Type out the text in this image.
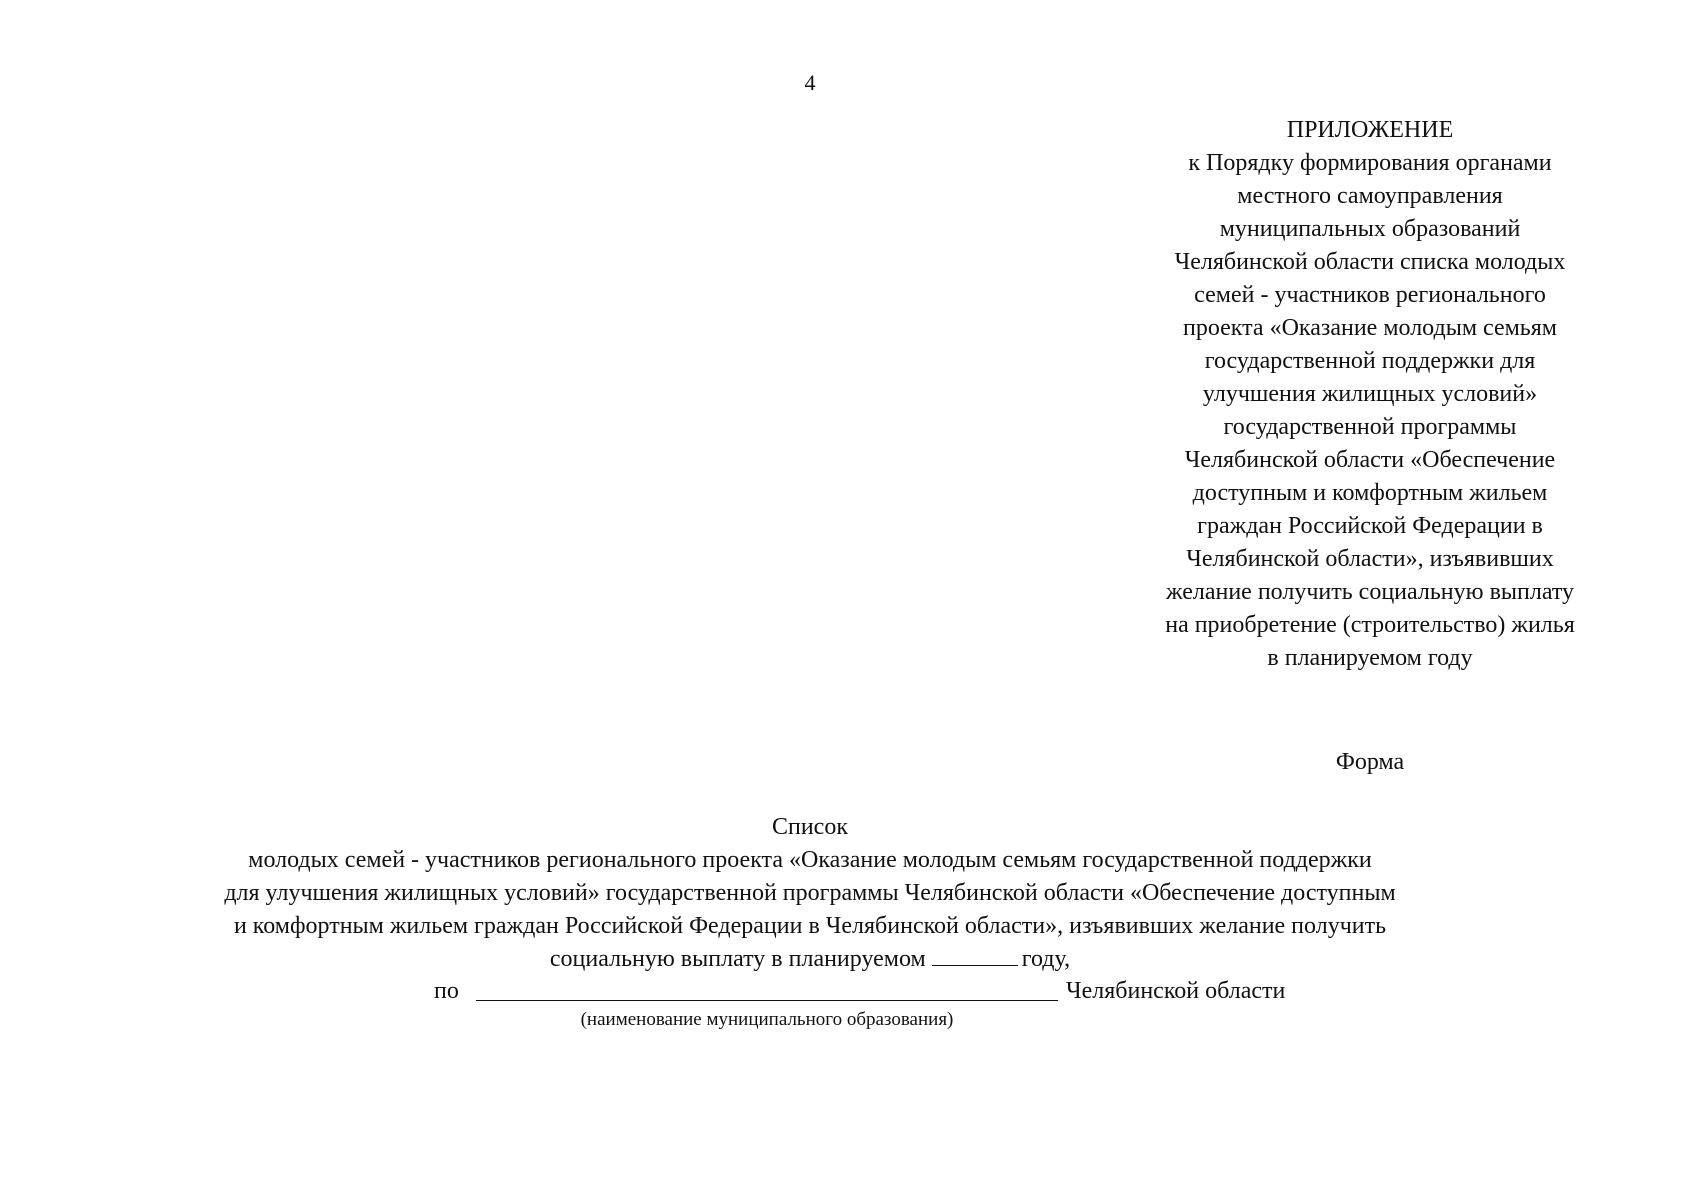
4
ПРИЛОЖЕНИЕ
к Порядку формирования органами
местного самоуправления
муниципальных образований
Челябинской области списка молодых
семей - участников регионального
проекта «Оказание молодым семьям
государственной поддержки для
улучшения жилищных условий»
государственной программы
Челябинской области «Обеспечение
доступным и комфортным жильем
граждан Российской Федерации в
Челябинской области», изъявивших
желание получить социальную выплату
на приобретение (строительство) жилья
в планируемом году
Форма
Список
молодых семей - участников регионального проекта «Оказание молодым семьям государственной поддержки
для улучшения жилищных условий» государственной программы Челябинской области «Обеспечение доступным
и комфортным жильем граждан Российской Федерации в Челябинской области», изъявивших желание получить
социальную выплату в планируемом	году,
по	Челябинской области
(наименование муниципального образования)
